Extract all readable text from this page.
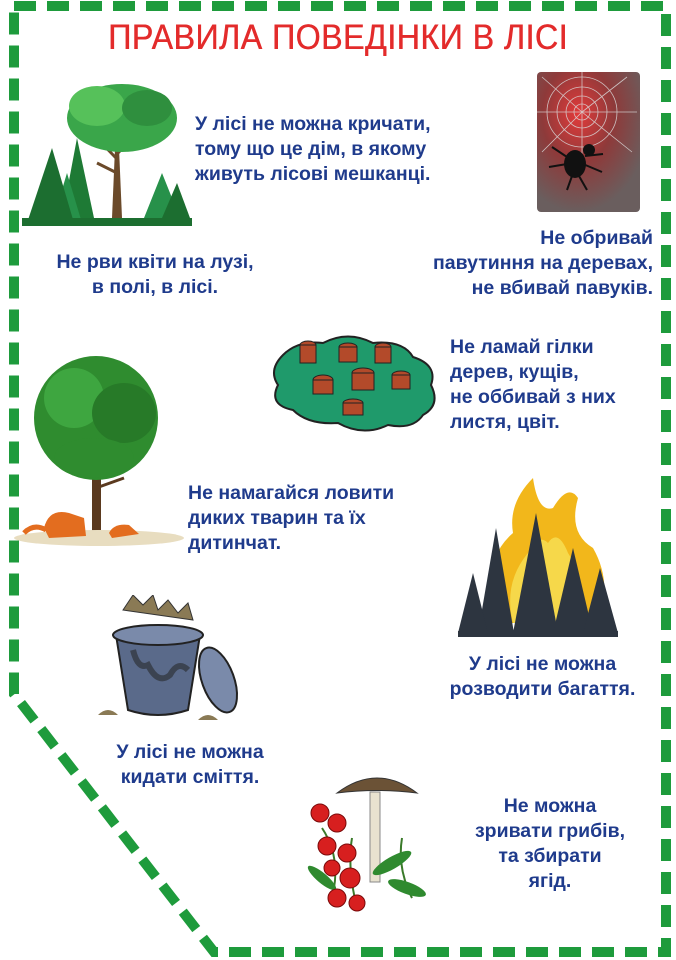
ПРАВИЛА ПОВЕДІНКИ В ЛІСІ
У лісі не можна кричати,
тому що це дім, в якому
живуть лісові мешканці.
Не рви квіти на лузі,
в полі, в лісі.
Не обривай
павутиння на деревах,
не вбивай павуків.
Не ламай гілки
дерев, кущів,
не оббивай з них
листя, цвіт.
Не намагайся ловити
диких тварин та їх
дитинчат.
У лісі не можна
розводити багаття.
У лісі не можна
кидати сміття.
Не можна
зривати грибів,
та збирати
ягід.
